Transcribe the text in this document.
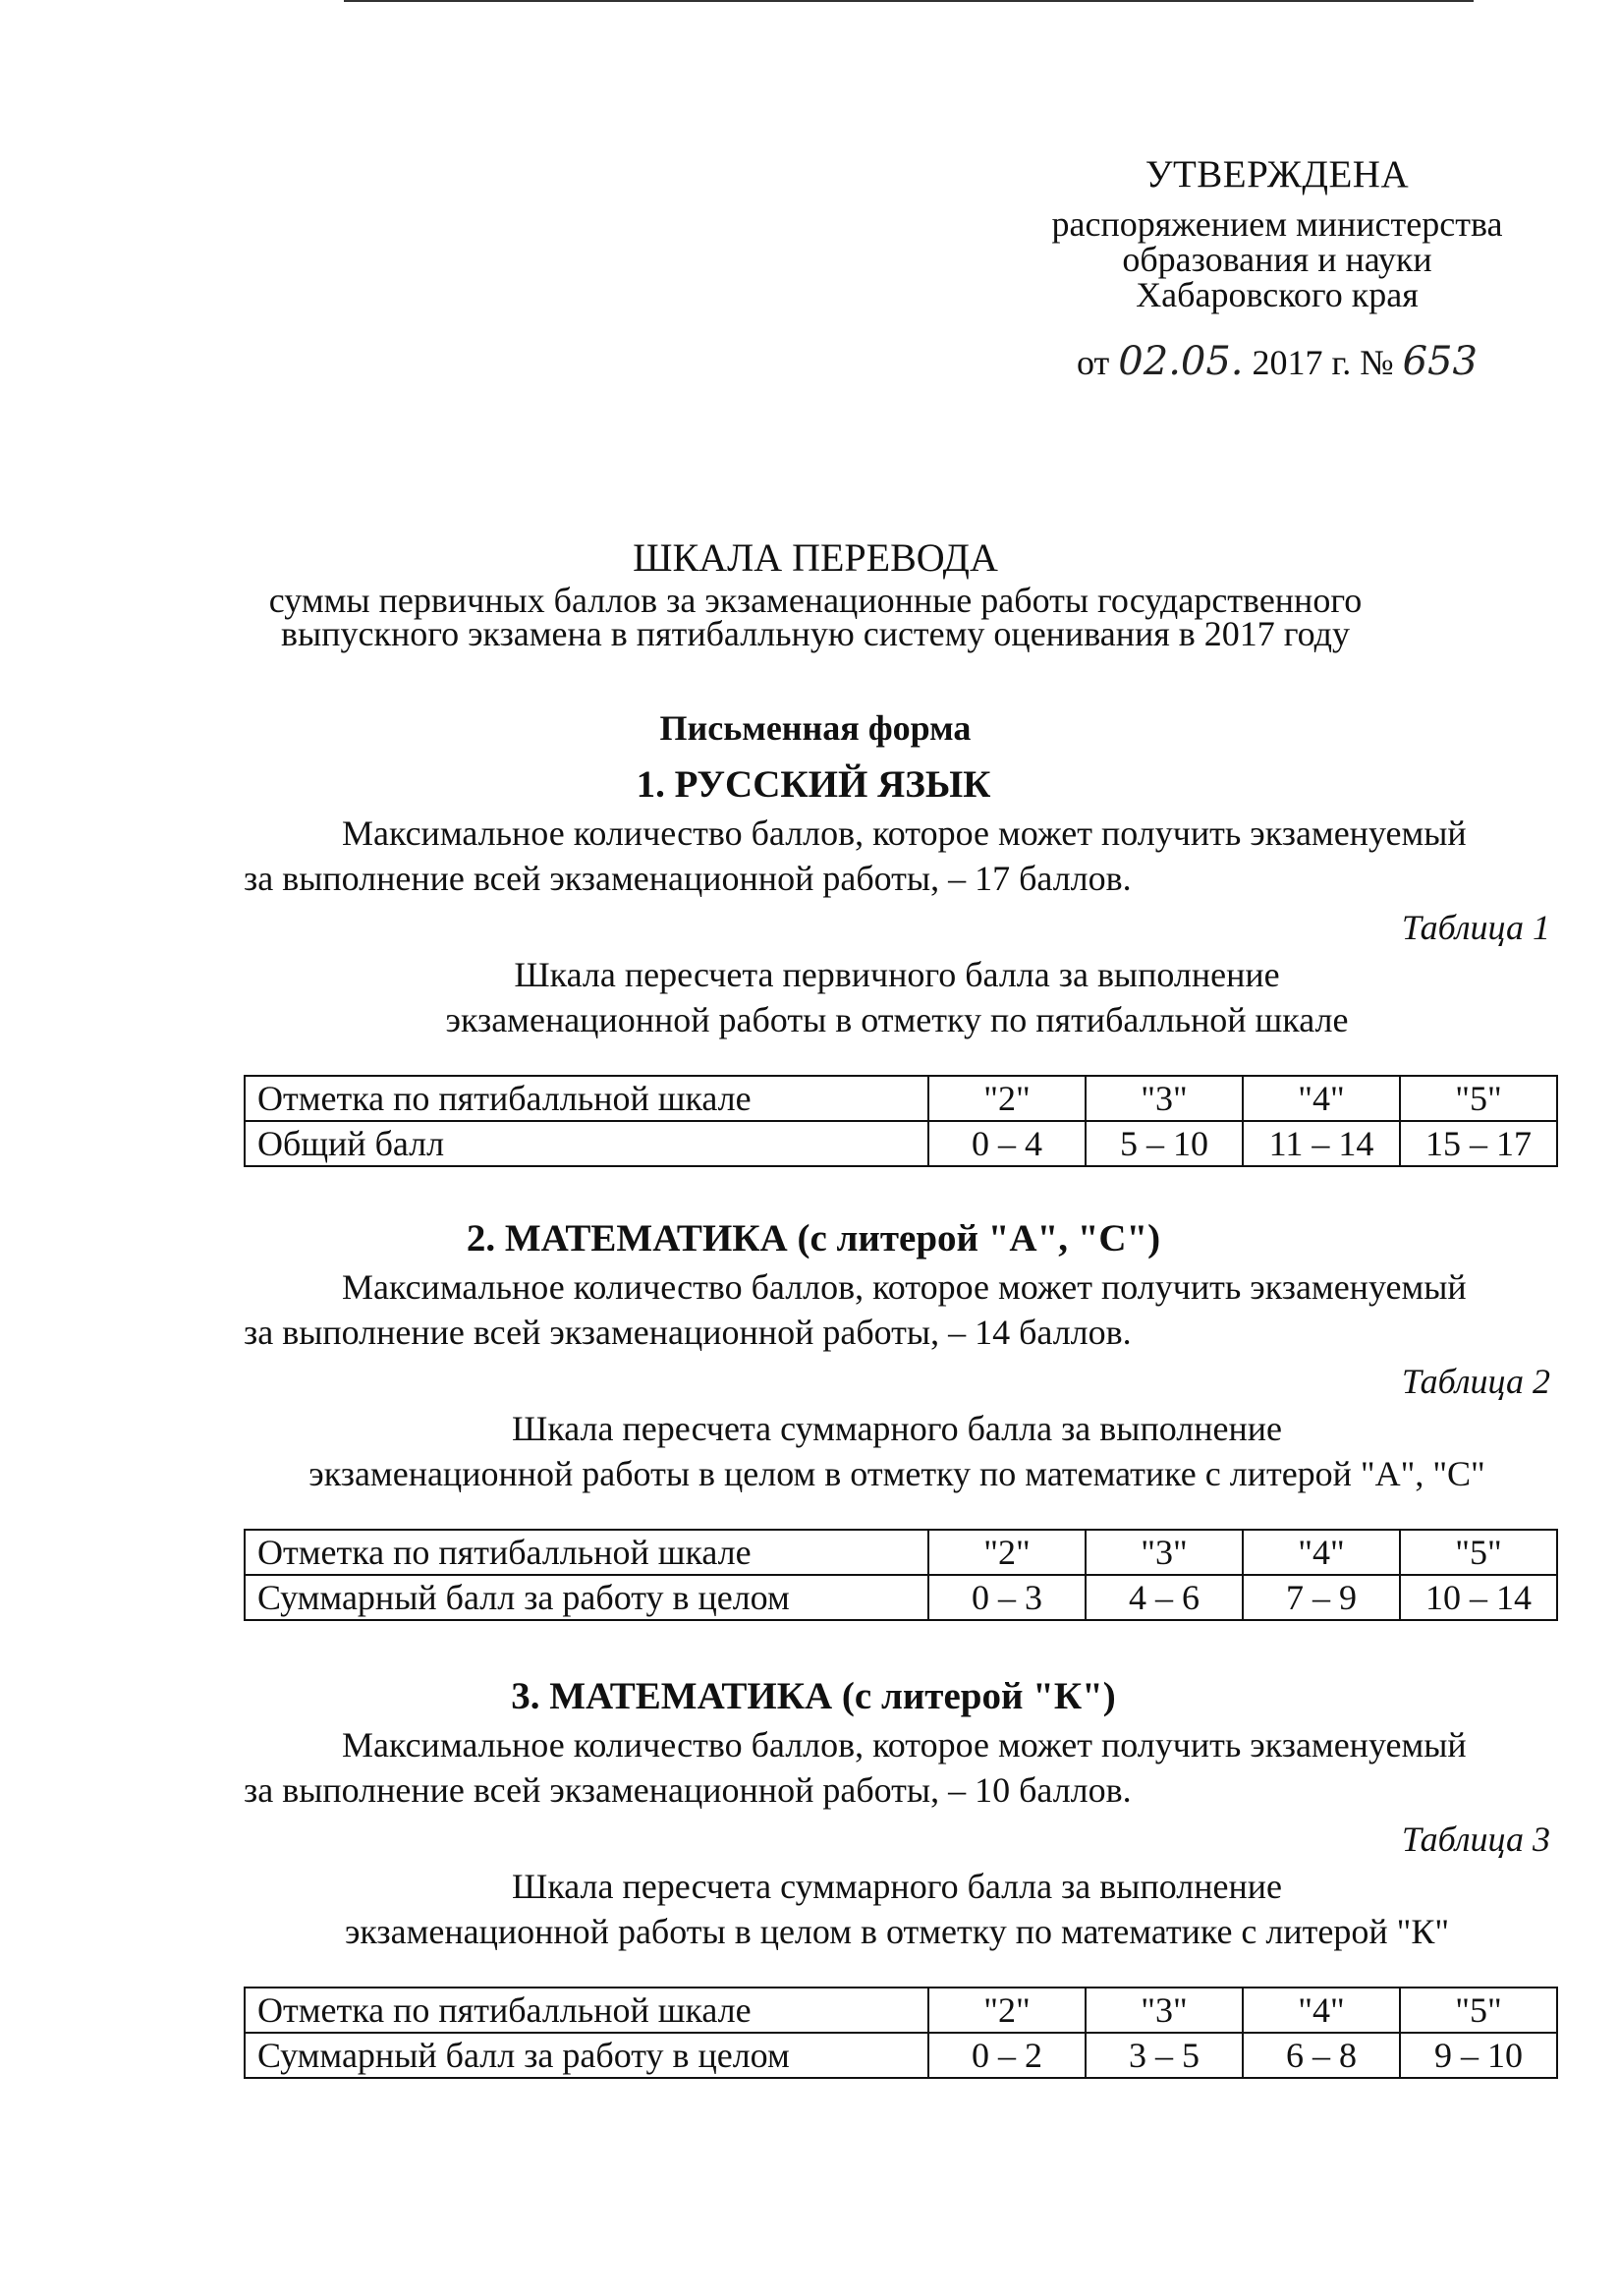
УТВЕРЖДЕНА
распоряжением министерства
образования и науки
Хабаровского края
от 02.05. 2017 г. № 653
ШКАЛА ПЕРЕВОДА
суммы первичных баллов за экзаменационные работы государственного
выпускного экзамена в пятибалльную систему оценивания в 2017 году
Письменная форма
1. РУССКИЙ ЯЗЫК
Максимальное количество баллов, которое может получить экзаменуемый
за выполнение всей экзаменационной работы, – 17 баллов.
Таблица 1
Шкала пересчета первичного балла за выполнение
экзаменационной работы в отметку по пятибалльной шкале
Отметка по пятибалльной шкале	"2"	"3"	"4"	"5"
Общий балл	0 – 4	5 – 10	11 – 14	15 – 17
2. МАТЕМАТИКА (с литерой "А", "С")
Максимальное количество баллов, которое может получить экзаменуемый
за выполнение всей экзаменационной работы, – 14 баллов.
Таблица 2
Шкала пересчета суммарного балла за выполнение
экзаменационной работы в целом в отметку по математике с литерой "А", "С"
Отметка по пятибалльной шкале	"2"	"3"	"4"	"5"
Суммарный балл за работу в целом	0 – 3	4 – 6	7 – 9	10 – 14
3. МАТЕМАТИКА (с литерой "К")
Максимальное количество баллов, которое может получить экзаменуемый
за выполнение всей экзаменационной работы, – 10 баллов.
Таблица 3
Шкала пересчета суммарного балла за выполнение
экзаменационной работы в целом в отметку по математике с литерой "К"
Отметка по пятибалльной шкале	"2"	"3"	"4"	"5"
Суммарный балл за работу в целом	0 – 2	3 – 5	6 – 8	9 – 10
